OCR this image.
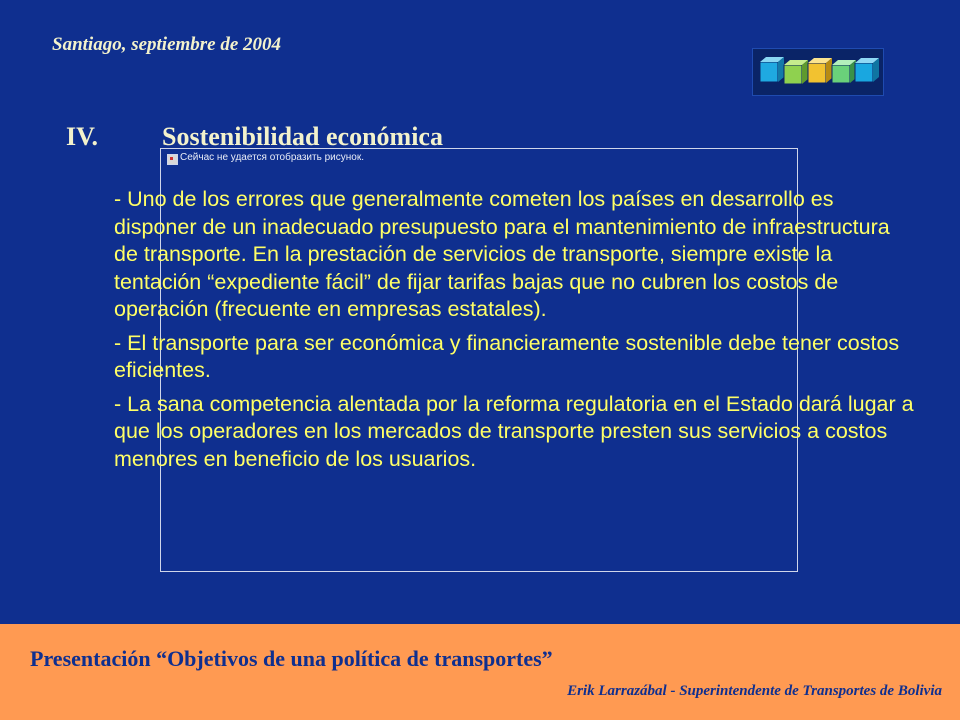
Santiago, septiembre de 2004
IV. Sostenibilidad económica
Сейчас не удается отобразить рисунок.

- Uno de los errores que generalmente cometen los países en desarrollo es disponer de un inadecuado presupuesto para el mantenimiento de infraestructura de transporte. En la prestación de servicios de transporte, siempre existe la tentación “expediente fácil” de fijar tarifas bajas que no cubren los costos de operación (frecuente en empresas estatales).

- El transporte para ser económica y financieramente sostenible debe tener costos eficientes.

- La sana competencia alentada por la reforma regulatoria en el Estado dará lugar a que los operadores en los mercados de transporte presten sus servicios a costos menores en beneficio de los usuarios.

Presentación “Objetivos de una política de transportes”
Erik Larrazábal - Superintendente de Transportes de Bolivia
